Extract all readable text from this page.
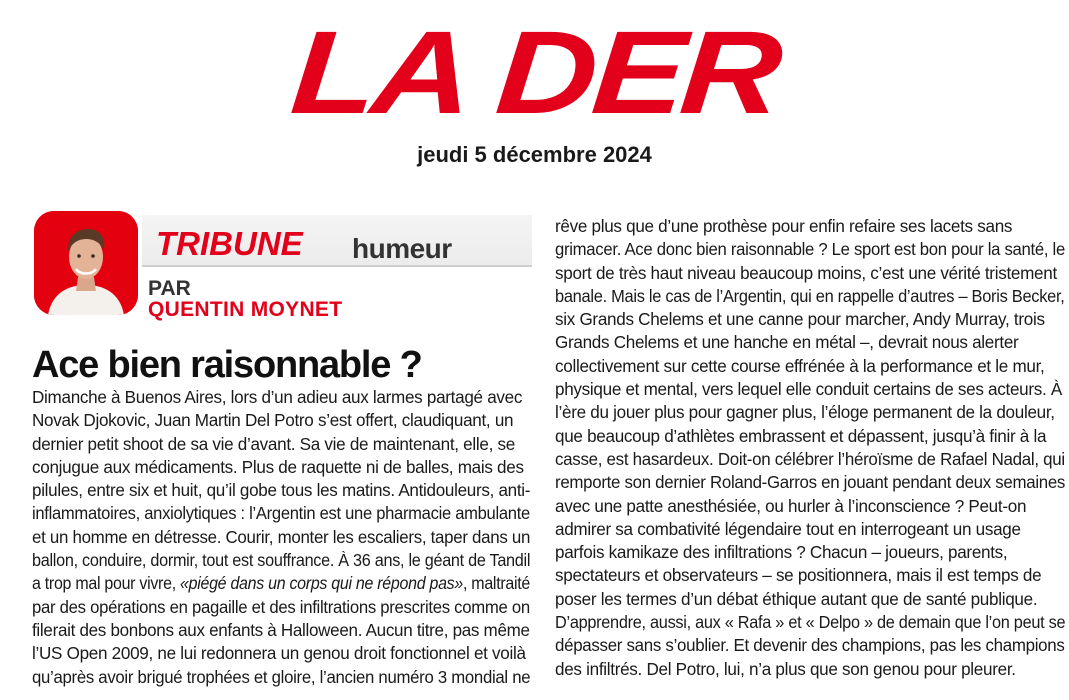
LA DER
jeudi 5 décembre 2024
TRIBUNE humeur
PAR
QUENTIN MOYNET
Ace bien raisonnable ?
Dimanche à Buenos Aires, lors d’un adieu aux larmes partagé avec
Novak Djokovic, Juan Martin Del Potro s’est offert, claudiquant, un
dernier petit shoot de sa vie d’avant. Sa vie de maintenant, elle, se
conjugue aux médicaments. Plus de raquette ni de balles, mais des
pilules, entre six et huit, qu’il gobe tous les matins. Antidouleurs, anti-
inflammatoires, anxiolytiques : l’Argentin est une pharmacie ambulante
et un homme en détresse. Courir, monter les escaliers, taper dans un
ballon, conduire, dormir, tout est souffrance. À 36 ans, le géant de Tandil
a trop mal pour vivre, «piégé dans un corps qui ne répond pas», maltraité
par des opérations en pagaille et des infiltrations prescrites comme on
filerait des bonbons aux enfants à Halloween. Aucun titre, pas même
l’US Open 2009, ne lui redonnera un genou droit fonctionnel et voilà
qu’après avoir brigué trophées et gloire, l’ancien numéro 3 mondial ne
rêve plus que d’une prothèse pour enfin refaire ses lacets sans
grimacer. Ace donc bien raisonnable ? Le sport est bon pour la santé, le
sport de très haut niveau beaucoup moins, c’est une vérité tristement
banale. Mais le cas de l’Argentin, qui en rappelle d’autres – Boris Becker,
six Grands Chelems et une canne pour marcher, Andy Murray, trois
Grands Chelems et une hanche en métal –, devrait nous alerter
collectivement sur cette course effrénée à la performance et le mur,
physique et mental, vers lequel elle conduit certains de ses acteurs. À
l’ère du jouer plus pour gagner plus, l’éloge permanent de la douleur,
que beaucoup d’athlètes embrassent et dépassent, jusqu’à finir à la
casse, est hasardeux. Doit-on célébrer l’héroïsme de Rafael Nadal, qui
remporte son dernier Roland-Garros en jouant pendant deux semaines
avec une patte anesthésiée, ou hurler à l’inconscience ? Peut-on
admirer sa combativité légendaire tout en interrogeant un usage
parfois kamikaze des infiltrations ? Chacun – joueurs, parents,
spectateurs et observateurs – se positionnera, mais il est temps de
poser les termes d’un débat éthique autant que de santé publique.
D’apprendre, aussi, aux « Rafa » et « Delpo » de demain que l’on peut se
dépasser sans s’oublier. Et devenir des champions, pas les champions
des infiltrés. Del Potro, lui, n’a plus que son genou pour pleurer.
